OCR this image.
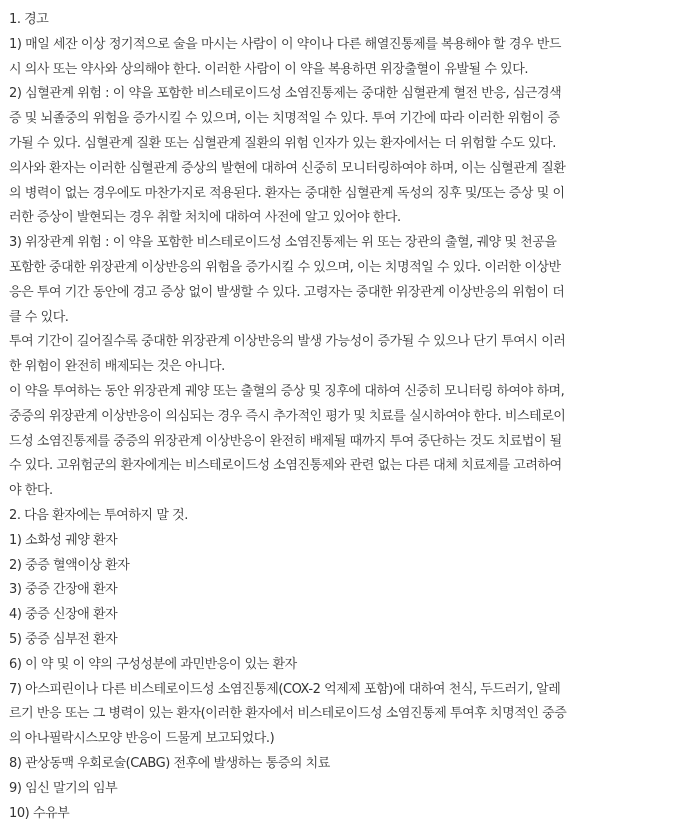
1. 경고
1) 매일 세잔 이상 정기적으로 술을 마시는 사람이 이 약이나 다른 해열진통제를 복용해야 할 경우 반드
시 의사 또는 약사와 상의해야 한다. 이러한 사람이 이 약을 복용하면 위장출혈이 유발될 수 있다.
2) 심혈관계 위험 : 이 약을 포함한 비스테로이드성 소염진통제는 중대한 심혈관계 혈전 반응, 심근경색
증 및 뇌졸중의 위험을 증가시킬 수 있으며, 이는 치명적일 수 있다. 투여 기간에 따라 이러한 위험이 증
가될 수 있다. 심혈관계 질환 또는 심혈관계 질환의 위험 인자가 있는 환자에서는 더 위험할 수도 있다.
의사와 환자는 이러한 심혈관계 증상의 발현에 대하여 신중히 모니터링하여야 하며, 이는 심혈관계 질환
의 병력이 없는 경우에도 마찬가지로 적용된다. 환자는 중대한 심혈관계 독성의 징후 및/또는 증상 및 이
러한 증상이 발현되는 경우 취할 처치에 대하여 사전에 알고 있어야 한다.
3) 위장관계 위험 : 이 약을 포함한 비스테로이드성 소염진통제는 위 또는 장관의 출혈, 궤양 및 천공을
포함한 중대한 위장관계 이상반응의 위험을 증가시킬 수 있으며, 이는 치명적일 수 있다. 이러한 이상반
응은 투여 기간 동안에 경고 증상 없이 발생할 수 있다. 고령자는 중대한 위장관계 이상반응의 위험이 더
클 수 있다.
투여 기간이 길어질수록 중대한 위장관계 이상반응의 발생 가능성이 증가될 수 있으나 단기 투여시 이러
한 위험이 완전히 배제되는 것은 아니다.
이 약을 투여하는 동안 위장관계 궤양 또는 출혈의 증상 및 징후에 대하여 신중히 모니터링 하여야 하며,
중증의 위장관계 이상반응이 의심되는 경우 즉시 추가적인 평가 및 치료를 실시하여야 한다. 비스테로이
드성 소염진통제를 중증의 위장관계 이상반응이 완전히 배제될 때까지 투여 중단하는 것도 치료법이 될
수 있다. 고위험군의 환자에게는 비스테로이드성 소염진통제와 관련 없는 다른 대체 치료제를 고려하여
야 한다.
2. 다음 환자에는 투여하지 말 것.
1) 소화성 궤양 환자
2) 중증 혈액이상 환자
3) 중증 간장애 환자
4) 중증 신장애 환자
5) 중증 심부전 환자
6) 이 약 및 이 약의 구성성분에 과민반응이 있는 환자
7) 아스피린이나 다른 비스테로이드성 소염진통제(COX-2 억제제 포함)에 대하여 천식, 두드러기, 알레
르기 반응 또는 그 병력이 있는 환자(이러한 환자에서 비스테로이드성 소염진통제 투여후 치명적인 중증
의 아나필락시스모양 반응이 드물게 보고되었다.)
8) 관상동맥 우회로술(CABG) 전후에 발생하는 통증의 치료
9) 임신 말기의 임부
10) 수유부
